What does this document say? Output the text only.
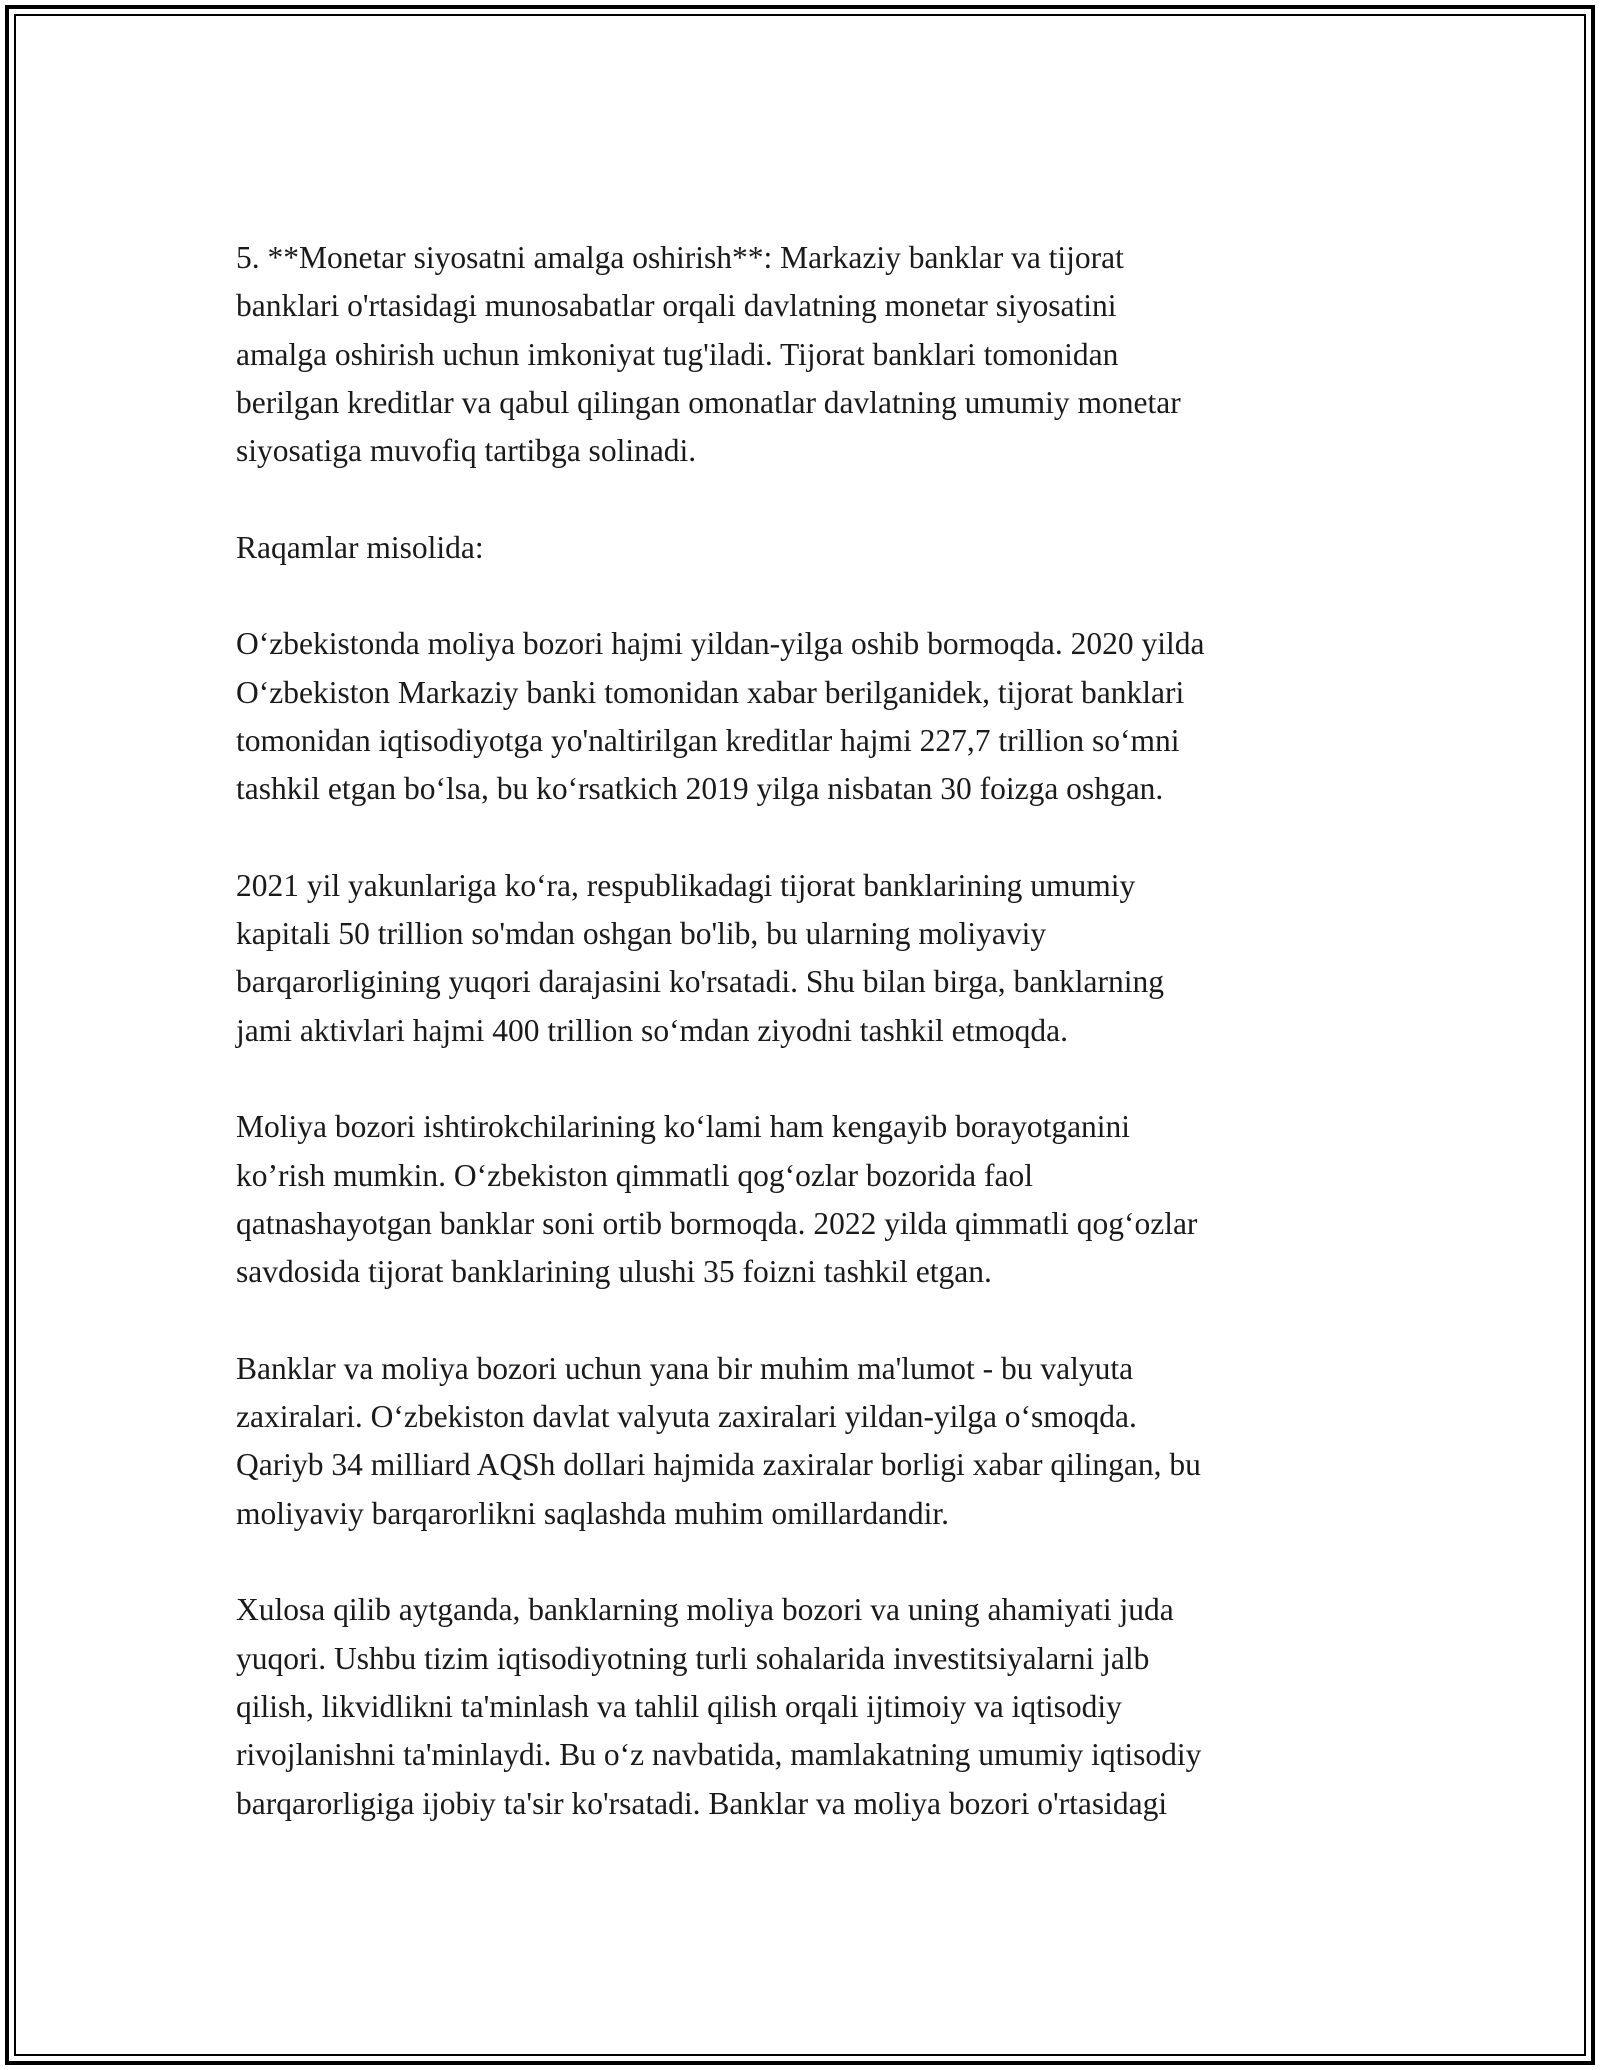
5. **Monetar siyosatni amalga oshirish**: Markaziy banklar va tijorat
banklari o'rtasidagi munosabatlar orqali davlatning monetar siyosatini
amalga oshirish uchun imkoniyat tug'iladi. Tijorat banklari tomonidan
berilgan kreditlar va qabul qilingan omonatlar davlatning umumiy monetar
siyosatiga muvofiq tartibga solinadi.

Raqamlar misolida:

O‘zbekistonda moliya bozori hajmi yildan-yilga oshib bormoqda. 2020 yilda
O‘zbekiston Markaziy banki tomonidan xabar berilganidek, tijorat banklari
tomonidan iqtisodiyotga yo'naltirilgan kreditlar hajmi 227,7 trillion so‘mni
tashkil etgan bo‘lsa, bu ko‘rsatkich 2019 yilga nisbatan 30 foizga oshgan.

2021 yil yakunlariga ko‘ra, respublikadagi tijorat banklarining umumiy
kapitali 50 trillion so'mdan oshgan bo'lib, bu ularning moliyaviy
barqarorligining yuqori darajasini ko'rsatadi. Shu bilan birga, banklarning
jami aktivlari hajmi 400 trillion so‘mdan ziyodni tashkil etmoqda.

Moliya bozori ishtirokchilarining ko‘lami ham kengayib borayotganini
ko’rish mumkin. O‘zbekiston qimmatli qog‘ozlar bozorida faol
qatnashayotgan banklar soni ortib bormoqda. 2022 yilda qimmatli qog‘ozlar
savdosida tijorat banklarining ulushi 35 foizni tashkil etgan.

Banklar va moliya bozori uchun yana bir muhim ma'lumot - bu valyuta
zaxiralari. O‘zbekiston davlat valyuta zaxiralari yildan-yilga o‘smoqda.
Qariyb 34 milliard AQSh dollari hajmida zaxiralar borligi xabar qilingan, bu
moliyaviy barqarorlikni saqlashda muhim omillardandir.

Xulosa qilib aytganda, banklarning moliya bozori va uning ahamiyati juda
yuqori. Ushbu tizim iqtisodiyotning turli sohalarida investitsiyalarni jalb
qilish, likvidlikni ta'minlash va tahlil qilish orqali ijtimoiy va iqtisodiy
rivojlanishni ta'minlaydi. Bu o‘z navbatida, mamlakatning umumiy iqtisodiy
barqarorligiga ijobiy ta'sir ko'rsatadi. Banklar va moliya bozori o'rtasidagi
